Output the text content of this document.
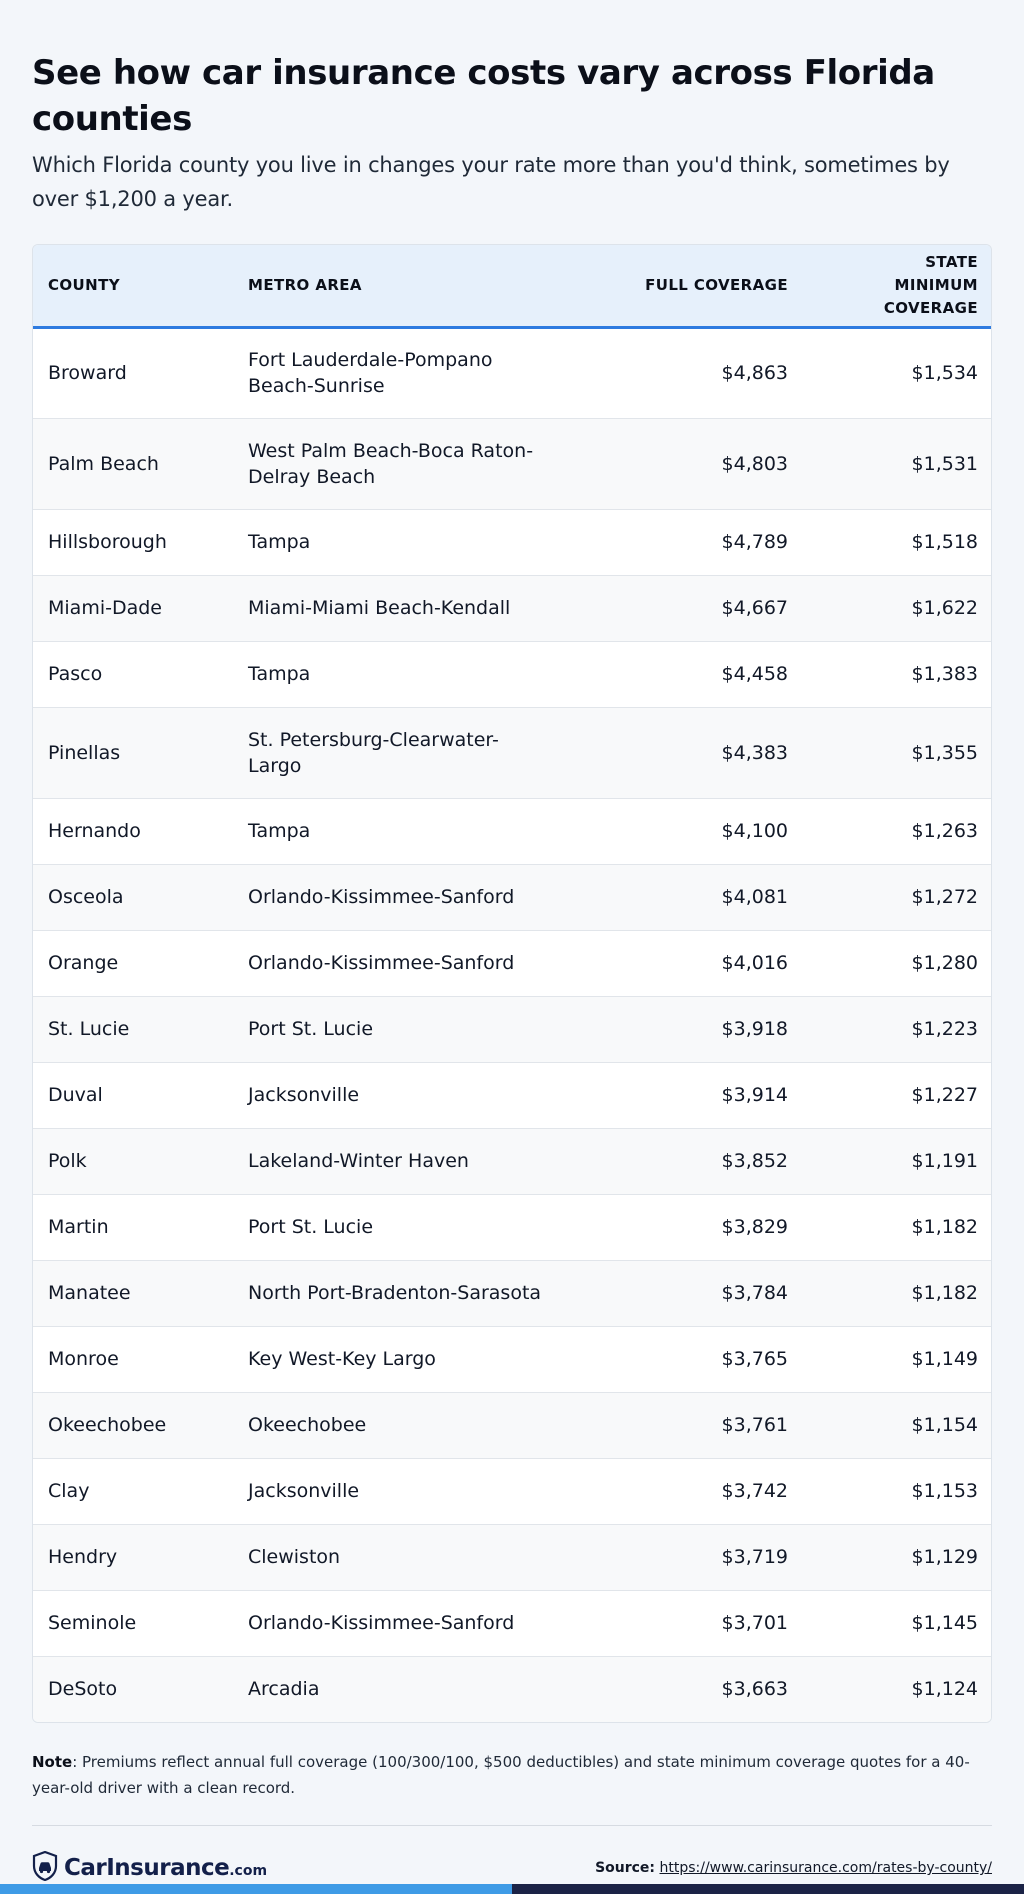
See how car insurance costs vary across Florida counties

Which Florida county you live in changes your rate more than you'd think, sometimes by over $1,200 a year.

COUNTY	METRO AREA	FULL COVERAGE	STATE MINIMUM COVERAGE
Broward	Fort Lauderdale-Pompano Beach-Sunrise	$4,863	$1,534
Palm Beach	West Palm Beach-Boca Raton-Delray Beach	$4,803	$1,531
Hillsborough	Tampa	$4,789	$1,518
Miami-Dade	Miami-Miami Beach-Kendall	$4,667	$1,622
Pasco	Tampa	$4,458	$1,383
Pinellas	St. Petersburg-Clearwater-Largo	$4,383	$1,355
Hernando	Tampa	$4,100	$1,263
Osceola	Orlando-Kissimmee-Sanford	$4,081	$1,272
Orange	Orlando-Kissimmee-Sanford	$4,016	$1,280
St. Lucie	Port St. Lucie	$3,918	$1,223
Duval	Jacksonville	$3,914	$1,227
Polk	Lakeland-Winter Haven	$3,852	$1,191
Martin	Port St. Lucie	$3,829	$1,182
Manatee	North Port-Bradenton-Sarasota	$3,784	$1,182
Monroe	Key West-Key Largo	$3,765	$1,149
Okeechobee	Okeechobee	$3,761	$1,154
Clay	Jacksonville	$3,742	$1,153
Hendry	Clewiston	$3,719	$1,129
Seminole	Orlando-Kissimmee-Sanford	$3,701	$1,145
DeSoto	Arcadia	$3,663	$1,124
Note: Premiums reflect annual full coverage (100/300/100, $500 deductibles) and state minimum coverage quotes for a 40-year-old driver with a clean record.
CarInsurance.com	Source: https://www.carinsurance.com/rates-by-county/
